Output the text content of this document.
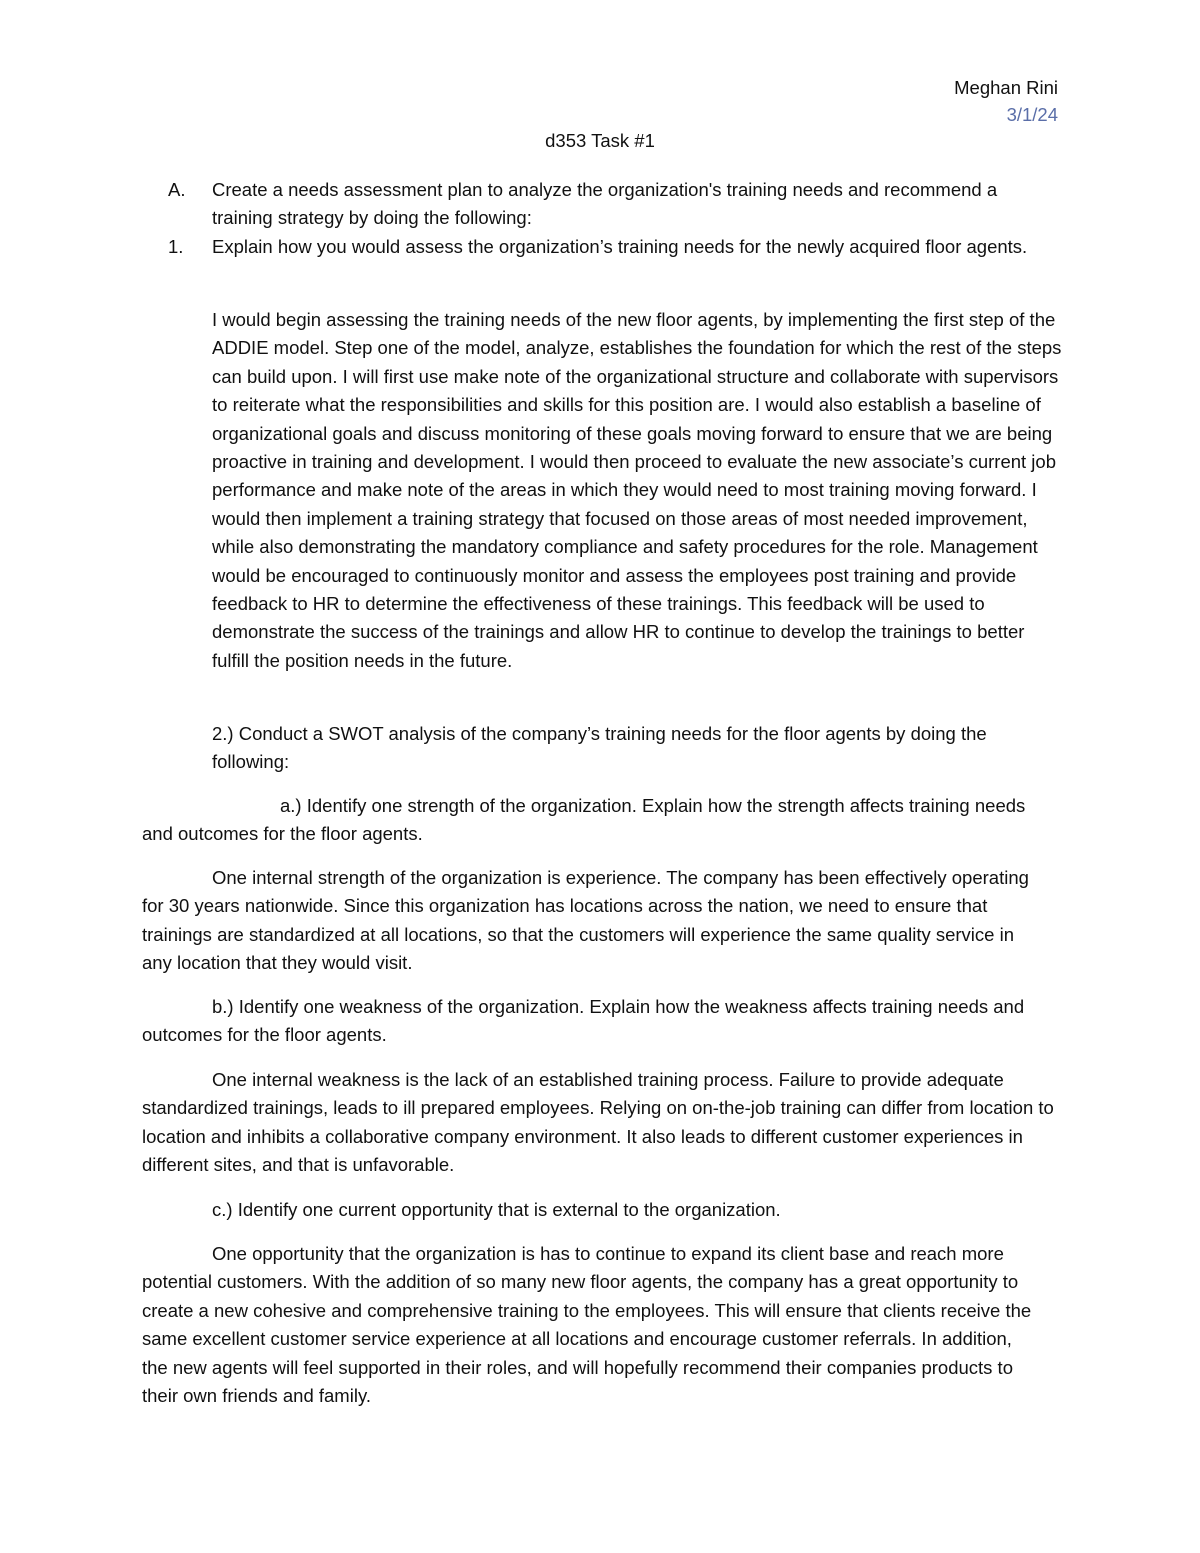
Meghan Rini
3/1/24
d353 Task #1
A.	Create a needs assessment plan to analyze the organization's training needs and recommend a training strategy by doing the following:
1.	Explain how you would assess the organization’s training needs for the newly acquired floor agents.
I would begin assessing the training needs of the new floor agents, by implementing the first step of the ADDIE model. Step one of the model, analyze, establishes the foundation for which the rest of the steps can build upon. I will first use make note of the organizational structure and collaborate with supervisors to reiterate what the responsibilities and skills for this position are. I would also establish a baseline of organizational goals and discuss monitoring of these goals moving forward to ensure that we are being proactive in training and development. I would then proceed to evaluate the new associate’s current job performance and make note of the areas in which they would need to most training moving forward. I would then implement a training strategy that focused on those areas of most needed improvement, while also demonstrating the mandatory compliance and safety procedures for the role. Management would be encouraged to continuously monitor and assess the employees post training and provide feedback to HR to determine the effectiveness of these trainings. This feedback will be used to demonstrate the success of the trainings and allow HR to continue to develop the trainings to better fulfill the position needs in the future.
2.) Conduct a SWOT analysis of the company’s training needs for the floor agents by doing the following:
a.) Identify one strength of the organization. Explain how the strength affects training needs and outcomes for the floor agents.
One internal strength of the organization is experience. The company has been effectively operating for 30 years nationwide. Since this organization has locations across the nation, we need to ensure that trainings are standardized at all locations, so that the customers will experience the same quality service in any location that they would visit.
b.) Identify one weakness of the organization. Explain how the weakness affects training needs and outcomes for the floor agents.
One internal weakness is the lack of an established training process. Failure to provide adequate standardized trainings, leads to ill prepared employees. Relying on on-the-job training can differ from location to location and inhibits a collaborative company environment. It also leads to different customer experiences in different sites, and that is unfavorable.
c.) Identify one current opportunity that is external to the organization.
One opportunity that the organization is has to continue to expand its client base and reach more potential customers. With the addition of so many new floor agents, the company has a great opportunity to create a new cohesive and comprehensive training to the employees. This will ensure that clients receive the same excellent customer service experience at all locations and encourage customer referrals. In addition, the new agents will feel supported in their roles, and will hopefully recommend their companies products to their own friends and family.
